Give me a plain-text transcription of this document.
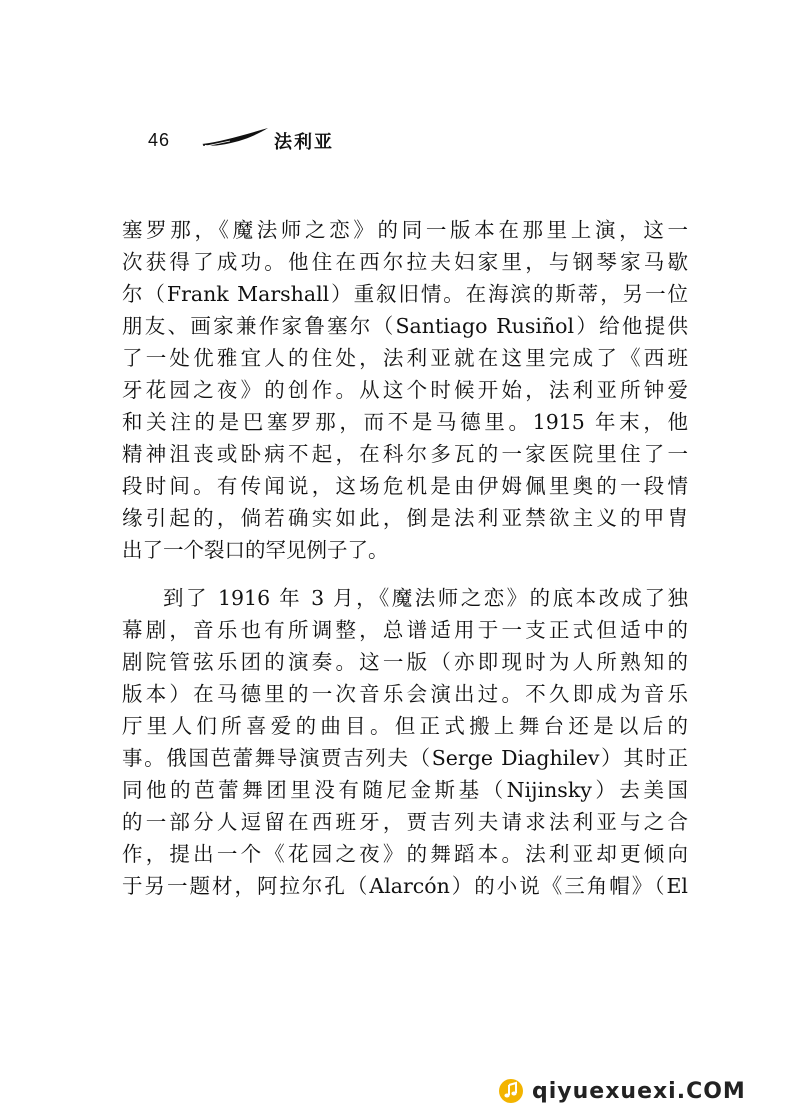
46	法利亚
塞罗那，《魔法师之恋》的同一版本在那里上演，这一
次获得了成功。他住在西尔拉夫妇家里，与钢琴家马歇
尔（Frank Marshall）重叙旧情。在海滨的斯蒂，另一位
朋友、画家兼作家鲁塞尔（Santiago Rusiñol）给他提供
了一处优雅宜人的住处，法利亚就在这里完成了《西班
牙花园之夜》的创作。从这个时候开始，法利亚所钟爱
和关注的是巴塞罗那，而不是马德里。1915 年末，他
精神沮丧或卧病不起，在科尔多瓦的一家医院里住了一
段时间。有传闻说，这场危机是由伊姆佩里奥的一段情
缘引起的，倘若确实如此，倒是法利亚禁欲主义的甲胄
出了一个裂口的罕见例子了。
到了 1916 年 3 月，《魔法师之恋》的底本改成了独
幕剧，音乐也有所调整，总谱适用于一支正式但适中的
剧院管弦乐团的演奏。这一版（亦即现时为人所熟知的
版本）在马德里的一次音乐会演出过。不久即成为音乐
厅里人们所喜爱的曲目。但正式搬上舞台还是以后的
事。俄国芭蕾舞导演贾吉列夫（Serge Diaghilev）其时正
同他的芭蕾舞团里没有随尼金斯基（Nijinsky）去美国
的一部分人逗留在西班牙，贾吉列夫请求法利亚与之合
作，提出一个《花园之夜》的舞蹈本。法利亚却更倾向
于另一题材，阿拉尔孔（Alarcón）的小说《三角帽》（El
qiyuexuexi.COM
